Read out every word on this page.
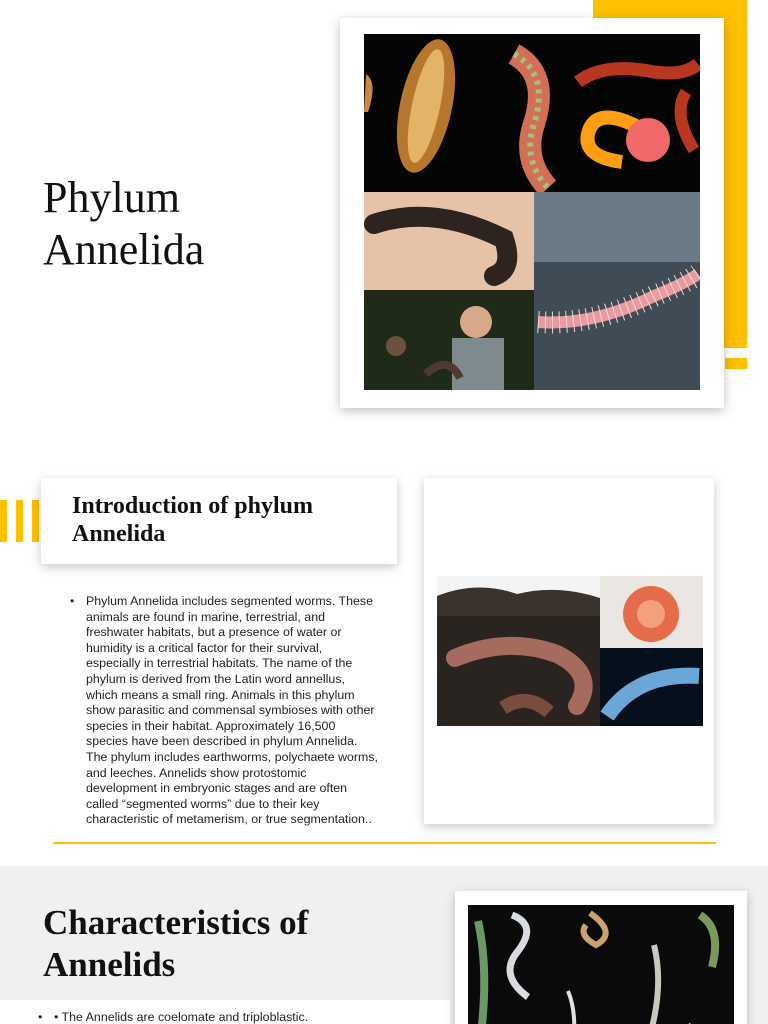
Phylum Annelida
Introduction of phylum Annelida
• Phylum Annelida includes segmented worms. These animals are found in marine, terrestrial, and freshwater habitats, but a presence of water or humidity is a critical factor for their survival, especially in terrestrial habitats. The name of the phylum is derived from the Latin word annellus, which means a small ring. Animals in this phylum show parasitic and commensal symbioses with other species in their habitat. Approximately 16,500 species have been described in phylum Annelida. The phylum includes earthworms, polychaete worms, and leeches. Annelids show protostomic development in embryonic stages and are often called “segmented worms” due to their key characteristic of metamerism, or true segmentation..
Characteristics of Annelids
• • The Annelids are coelomate and triploblastic.
